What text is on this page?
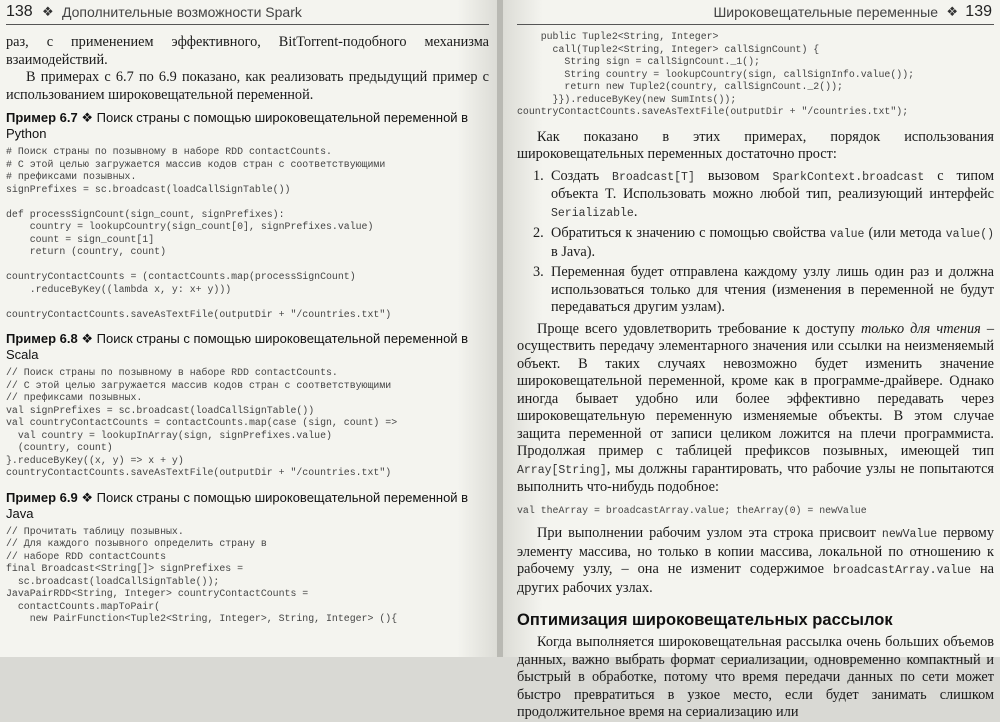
138 ❖ Дополнительные возможности Spark

раз, с применением эффективного, BitTorrent-подобного механизма взаимодействий.

В примерах с 6.7 по 6.9 показано, как реализовать предыдущий пример с использованием широковещательной переменной.

Пример 6.7 ❖ Поиск страны с помощью широковещательной переменной в Python
# Поиск страны по позывному в наборе RDD contactCounts.
# С этой целью загружается массив кодов стран с соответствующими
# префиксами позывных.
signPrefixes = sc.broadcast(loadCallSignTable())

def processSignCount(sign_count, signPrefixes):
country = lookupCountry(sign_count[0], signPrefixes.value)
count = sign_count[1]
return (country, count)

countryContactCounts = (contactCounts.map(processSignCount)
.reduceByKey((lambda x, y: x+ y)))

countryContactCounts.saveAsTextFile(outputDir + "/countries.txt")
Пример 6.8 ❖ Поиск страны с помощью широковещательной переменной в Scala
// Поиск страны по позывному в наборе RDD contactCounts.
// С этой целью загружается массив кодов стран с соответствующими
// префиксами позывных.
val signPrefixes = sc.broadcast(loadCallSignTable())
val countryContactCounts = contactCounts.map(case (sign, count) =>
val country = lookupInArray(sign, signPrefixes.value)
(country, count)
}.reduceByKey((x, y) => x + y)
countryContactCounts.saveAsTextFile(outputDir + "/countries.txt")
Пример 6.9 ❖ Поиск страны с помощью широковещательной переменной в Java
// Прочитать таблицу позывных.
// Для каждого позывного определить страну в
// наборе RDD contactCounts
final Broadcast<String[]> signPrefixes =
sc.broadcast(loadCallSignTable());
JavaPairRDD<String, Integer> countryContactCounts =
contactCounts.mapToPair(
new PairFunction<Tuple2<String, Integer>, String, Integer> (){
Широковещательные переменные ❖ 139
public Tuple2<String, Integer>
call(Tuple2<String, Integer> callSignCount) {
String sign = callSignCount._1();
String country = lookupCountry(sign, callSignInfo.value());
return new Tuple2(country, callSignCount._2());
}}).reduceByKey(new SumInts());
countryContactCounts.saveAsTextFile(outputDir + "/countries.txt");

Как показано в этих примерах, порядок использования широковещательных переменных достаточно прост:

1. Создать Broadcast[T] вызовом SparkContext.broadcast с типом объекта T. Использовать можно любой тип, реализующий интерфейс Serializable.
2. Обратиться к значению с помощью свойства value (или метода value() в Java).
3. Переменная будет отправлена каждому узлу лишь один раз и должна использоваться только для чтения (изменения в переменной не будут передаваться другим узлам).

Проще всего удовлетворить требование к доступу только для чтения – осуществить передачу элементарного значения или ссылки на неизменяемый объект. В таких случаях невозможно будет изменить значение широковещательной переменной, кроме как в программе-драйвере. Однако иногда бывает удобно или более эффективно передавать через широковещательную переменную изменяемые объекты. В этом случае защита переменной от записи целиком ложится на плечи программиста. Продолжая пример с таблицей префиксов позывных, имеющей тип Array[String], мы должны гарантировать, что рабочие узлы не попытаются выполнить что-нибудь подобное:

val theArray = broadcastArray.value; theArray(0) = newValue

При выполнении рабочим узлом эта строка присвоит newValue первому элементу массива, но только в копии массива, локальной по отношению к рабочему узлу, – она не изменит содержимое broadcastArray.value на других рабочих узлах.

Оптимизация широковещательных рассылок

Когда выполняется широковещательная рассылка очень больших объемов данных, важно выбрать формат сериализации, одновременно компактный и быстрый в обработке, потому что время передачи данных по сети может быстро превратиться в узкое место, если будет занимать слишком продолжительное время на сериализацию или
